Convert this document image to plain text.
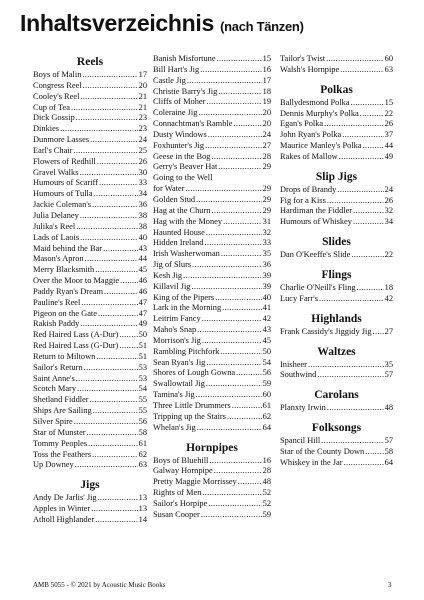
Inhaltsverzeichnis (nach Tänzen)
Reels
Boys of Malin .....	17
Congress Reel .....	20
Cooley's Reel .....	21
Cup of Tea .....	21
Dick Gossip .....	23
Dinkies .....	23
Dunmore Lasses .....	24
Earl's Chair .....	25
Flowers of Redhill .....	26
Gravel Walks .....	30
Humours of Scariff .....	33
Humours of Tulla .....	34
Jackie Coleman's .....	36
Julia Delaney .....	38
Julika's Reel .....	38
Lads of Laois .....	40
Maid behind the Bar .....	43
Mason's Apron .....	44
Merry Blacksmith .....	45
Over the Moor to Maggie ..... 46
Paddy Ryan's Dream .....	46
Pauline's Reel .....	47
Pigeon on the Gate .....	47
Rakish Paddy .....	49
Red Haired Lass (A-Dur) ..... 50
Red Haired Lass (G-Dur) ..... 51
Return to Miltown .....	51
Sailor's Return .....	53
Saint Anne's .....	53
Scotch Mary .....	54
Shetland Fiddler .....	55
Ships Are Sailing .....	55
Silver Spire .....	56
Star of Munster .....	58
Tommy Peoples .....	61
Toss the Feathers .....	62
Up Downey .....	63
Jigs
Andy De Jarlis' Jig .....	13
Apples in Winter .....	13
Atholl Highlander .....	14
Banish Misfortune .....	15
Bill Hart's Jig .....	16
Castle Jig .....	17
Christie Barry's Jig .....	18
Cliffs of Moher .....	19
Coleraine Jig .....	20
Connachtman's Ramble .....	20
Dusty Windows .....	24
Foxhunter's Jig .....	27
Geese in the Bog .....	28
Gerry's Beaver Hat .....	29
Going to the Well
for Water .....	29
Golden Stud .....	29
Hag at the Churn .....	29
Hag with the Money .....	31
Haunted House .....	32
Hidden Ireland .....	33
Irish Washerwoman .....	35
Jig of Slurs .....	36
Kesh Jig .....	39
Killavil Jig .....	39
King of the Pipers .....	40
Lark in the Morning .....	41
Leitrim Fancy .....	42
Maho's Snap .....	43
Morrison's Jig .....	45
Rambling Pitchfork .....	50
Sean Ryan's Jig .....	54
Shores of Lough Gowna .....	56
Swallowtail Jig .....	59
Tamina's Jig .....	60
Three Little Drummers .....	61
Tripping up the Stairs .....	62
Whelan's Jig .....	64
Hornpipes
Boys of Bluehill .....	16
Galway Hornpipe .....	28
Pretty Maggie Morrissey .....	48
Rights of Men .....	52
Sailor's Horpipe .....	52
Susan Cooper .....	59
Tailor's Twist .....	60
Walsh's Hornpipe .....	63
Polkas
Ballydesmond Polka .....	15
Dennis Murphy's Polka .....	22
Egan's Polka .....	26
John Ryan's Polka .....	37
Maurice Manley's Polka .....	44
Rakes of Mallow .....	49
Slip Jigs
Drops of Brandy .....	24
Fig for a Kiss .....	26
Hardiman the Fiddler .....	32
Humours of Whiskey .....	34
Slides
Dan O'Keeffe's Slide .....	22
Flings
Charlie O'Neill's Fling .....	18
Lucy Farr's .....	42
Highlands
Frank Cassidy's Jiggidy Jig ..... 27
Waltzes
Inisheer .....	35
Southwind .....	57
Carolans
Planxty Irwin .....	48
Folksongs
Spancil Hill .....	57
Star of the County Down ..... 58
Whiskey in the Jar .....	64
AMB 5055 - © 2021 by Acoustic Music Books	3
